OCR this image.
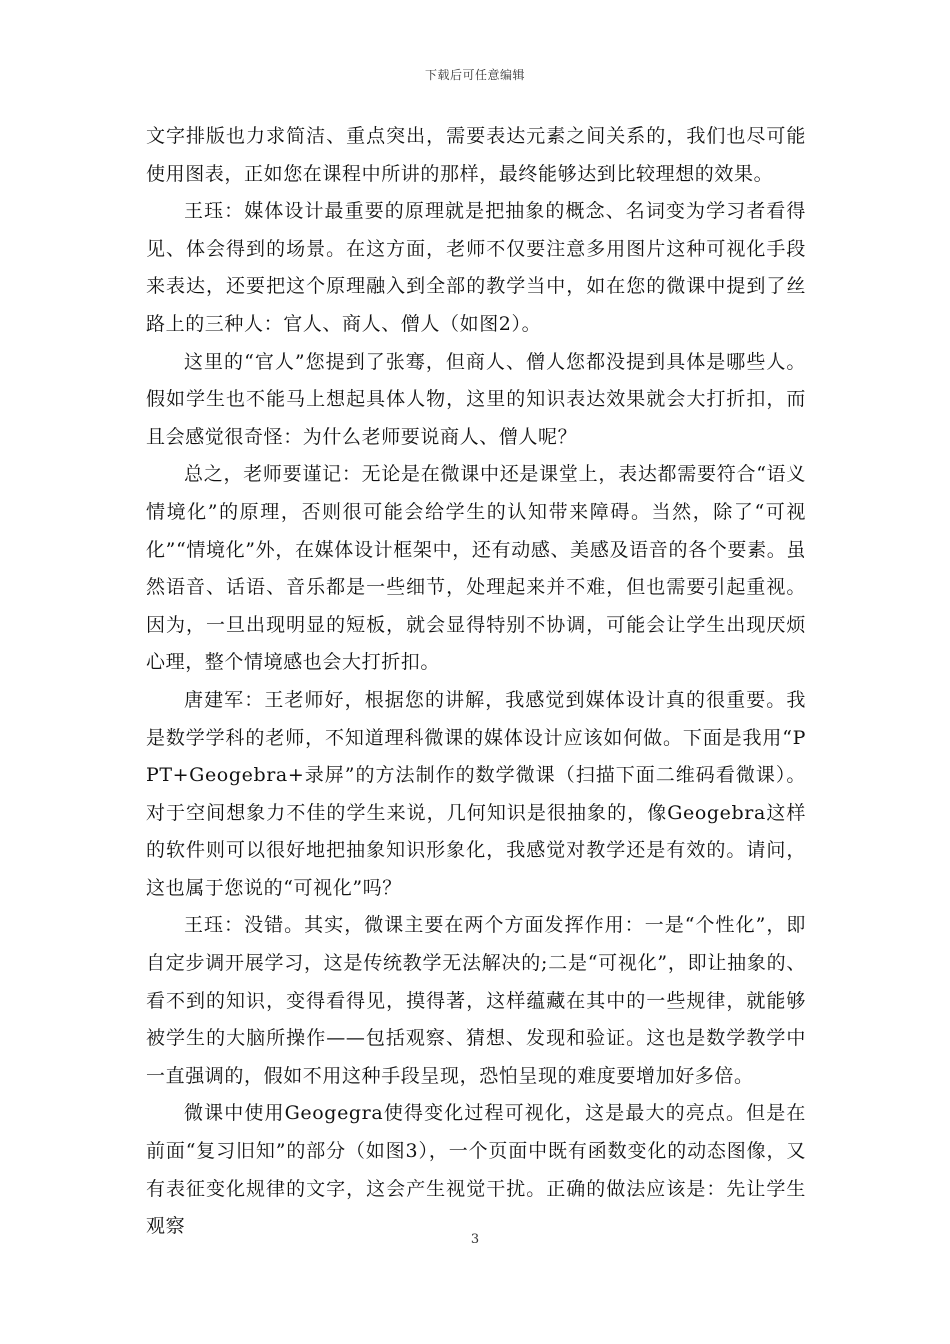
下载后可任意编辑

文字排版也力求简洁、重点突出，需要表达元素之间关系的，我们也尽可能使用图表，正如您在课程中所讲的那样，最终能够达到比较理想的效果。

王珏：媒体设计最重要的原理就是把抽象的概念、名词变为学习者看得见、体会得到的场景。在这方面，老师不仅要注意多用图片这种可视化手段来表达，还要把这个原理融入到全部的教学当中，如在您的微课中提到了丝路上的三种人：官人、商人、僧人（如图2）。

这里的“官人”您提到了张骞，但商人、僧人您都没提到具体是哪些人。假如学生也不能马上想起具体人物，这里的知识表达效果就会大打折扣，而且会感觉很奇怪：为什么老师要说商人、僧人呢？

总之，老师要谨记：无论是在微课中还是课堂上，表达都需要符合“语义情境化”的原理，否则很可能会给学生的认知带来障碍。当然，除了“可视化”“情境化”外，在媒体设计框架中，还有动感、美感及语音的各个要素。虽然语音、话语、音乐都是一些细节，处理起来并不难，但也需要引起重视。因为，一旦出现明显的短板，就会显得特别不协调，可能会让学生出现厌烦心理，整个情境感也会大打折扣。

唐建军：王老师好，根据您的讲解，我感觉到媒体设计真的很重要。我是数学学科的老师，不知道理科微课的媒体设计应该如何做。下面是我用“PPT+Geogebra+录屏”的方法制作的数学微课（扫描下面二维码看微课）。对于空间想象力不佳的学生来说，几何知识是很抽象的，像Geogebra这样的软件则可以很好地把抽象知识形象化，我感觉对教学还是有效的。请问，这也属于您说的“可视化”吗？

王珏：没错。其实，微课主要在两个方面发挥作用：一是“个性化”，即自定步调开展学习，这是传统教学无法解决的;二是“可视化”，即让抽象的、看不到的知识，变得看得见，摸得著，这样蕴藏在其中的一些规律，就能够被学生的大脑所操作——包括观察、猜想、发现和验证。这也是数学教学中一直强调的，假如不用这种手段呈现，恐怕呈现的难度要增加好多倍。

微课中使用Geogegra使得变化过程可视化，这是最大的亮点。但是在前面“复习旧知”的部分（如图3），一个页面中既有函数变化的动态图像，又有表征变化规律的文字，这会产生视觉干扰。正确的做法应该是：先让学生观察

3
